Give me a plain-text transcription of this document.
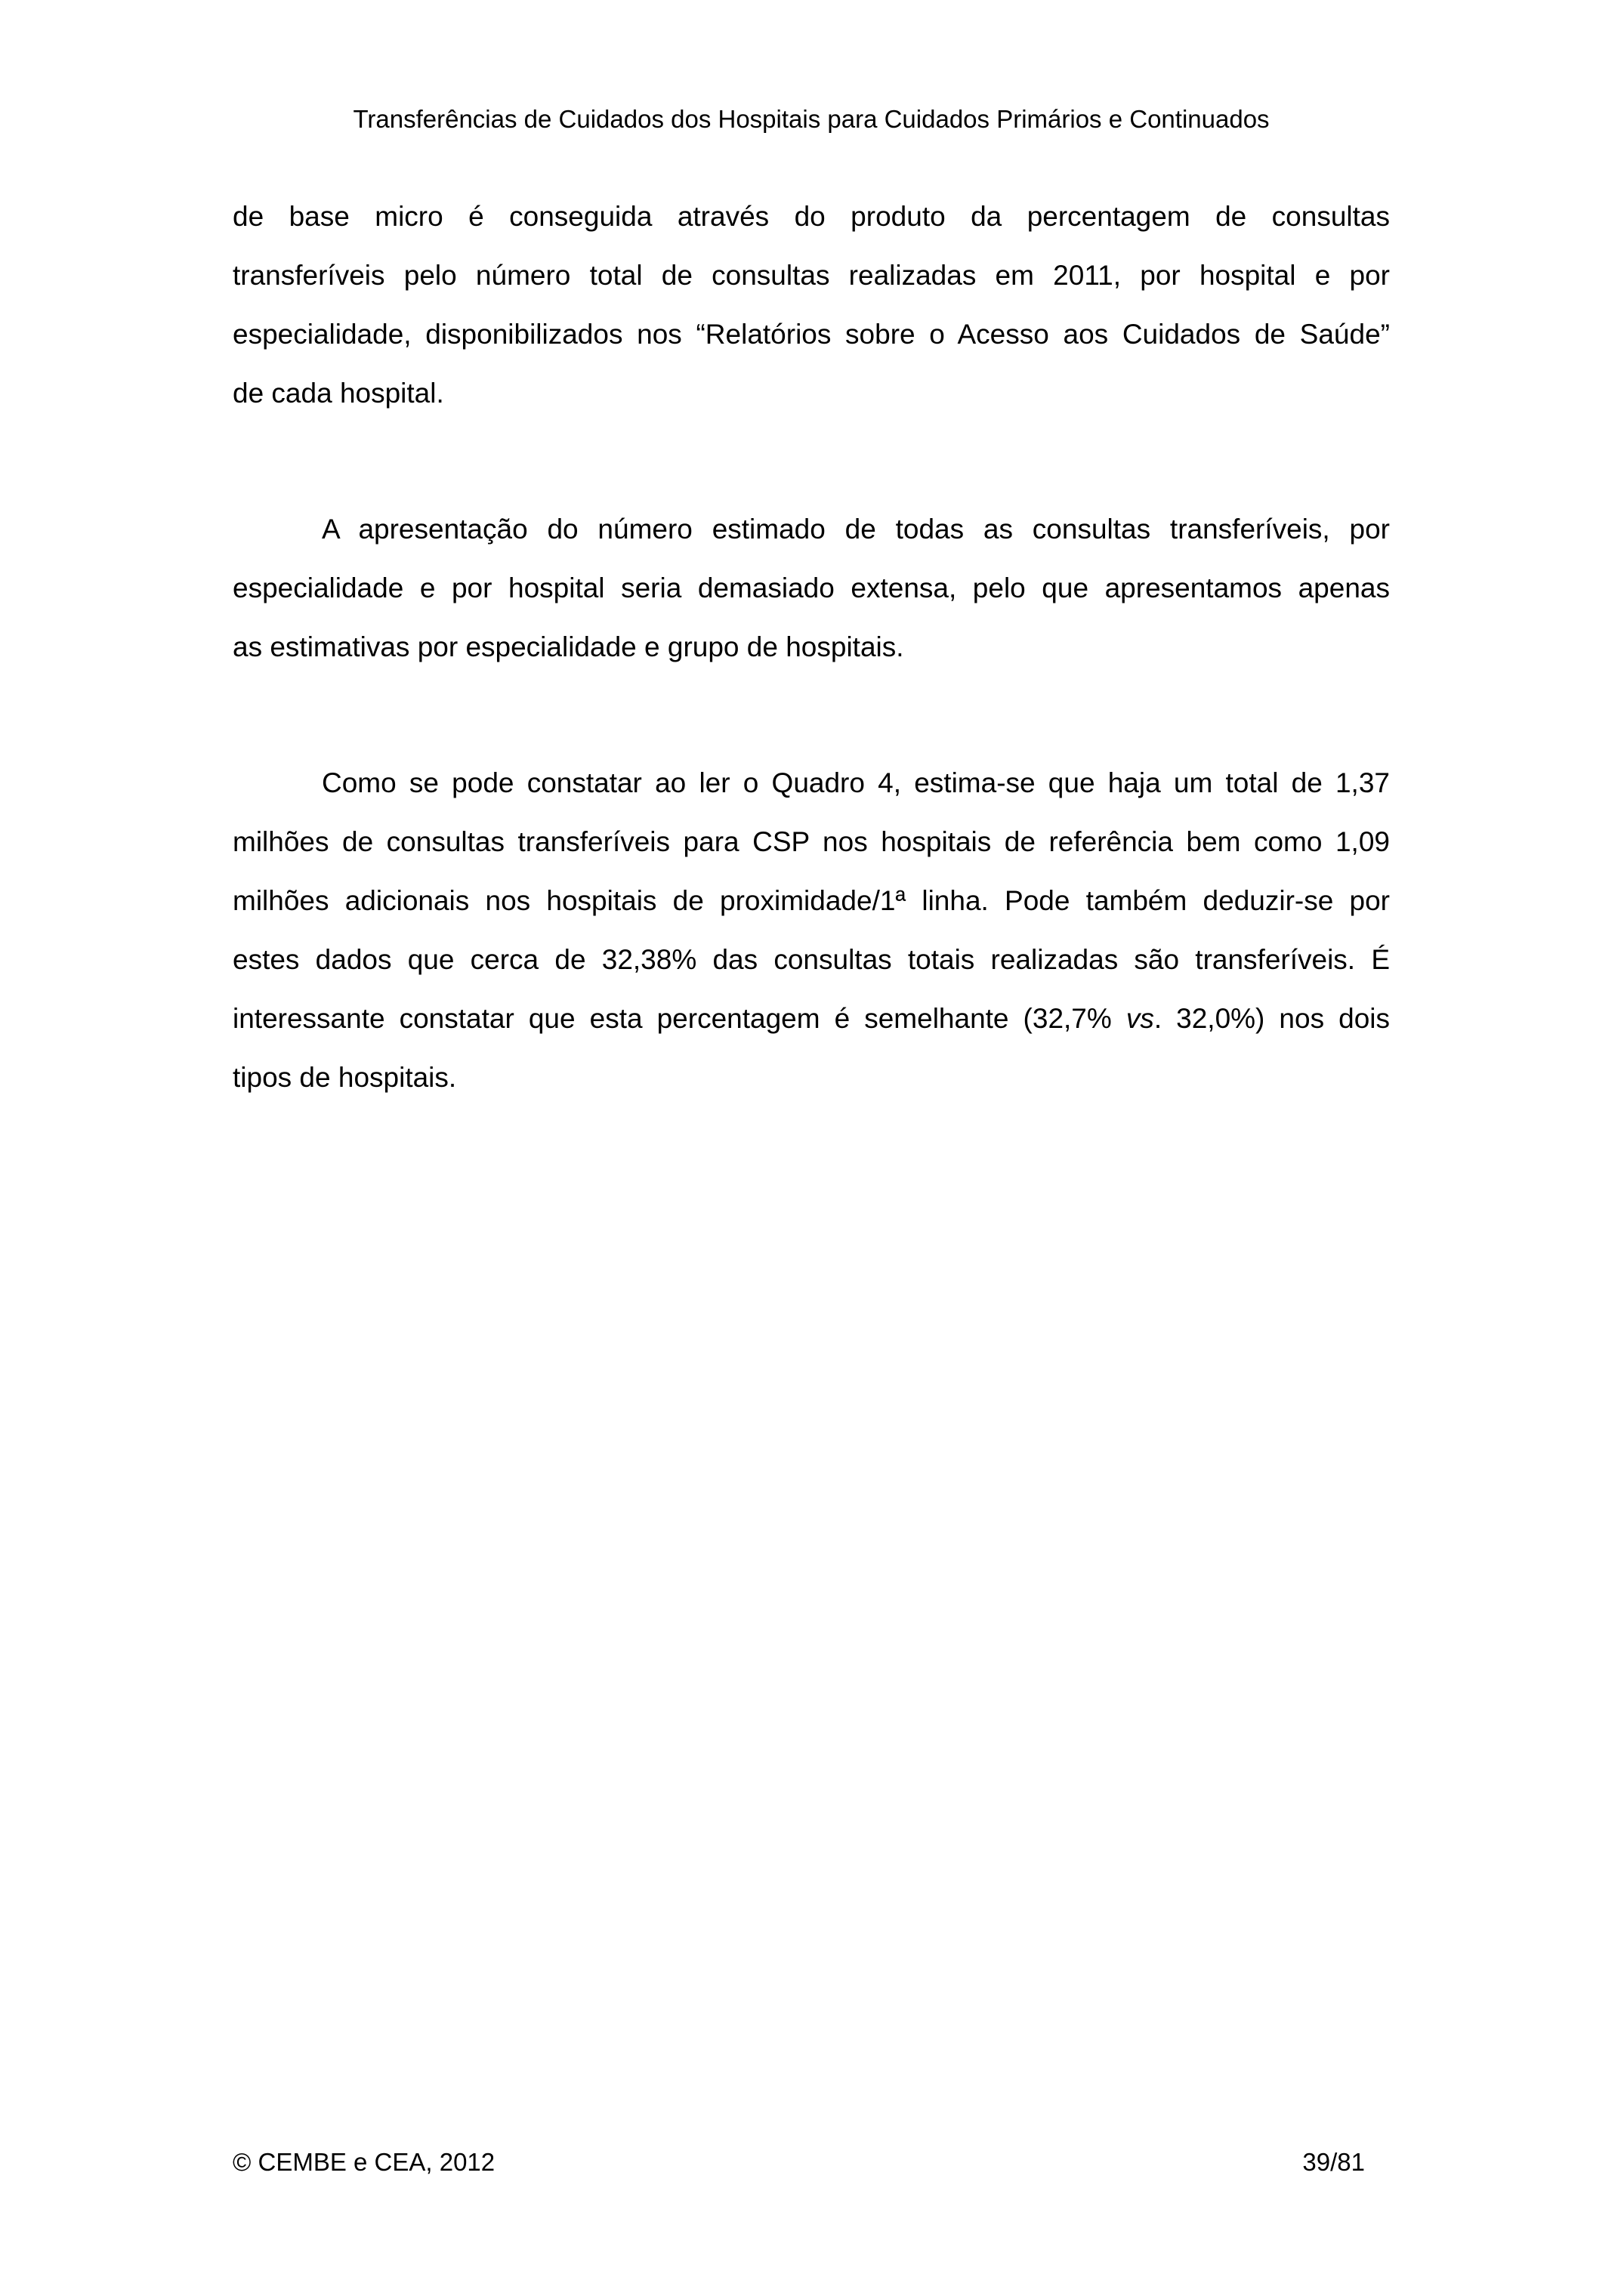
Transferências de Cuidados dos Hospitais para Cuidados Primários e Continuados
de base micro é conseguida através do produto da percentagem de consultas
transferíveis pelo número total de consultas realizadas em 2011, por hospital e por
especialidade, disponibilizados nos “Relatórios sobre o Acesso aos Cuidados de Saúde”
de cada hospital.
A apresentação do número estimado de todas as consultas transferíveis, por
especialidade e por hospital seria demasiado extensa, pelo que apresentamos apenas
as estimativas por especialidade e grupo de hospitais.
Como se pode constatar ao ler o Quadro 4, estima-se que haja um total de 1,37
milhões de consultas transferíveis para CSP nos hospitais de referência bem como 1,09
milhões adicionais nos hospitais de proximidade/1ª linha. Pode também deduzir-se por
estes dados que cerca de 32,38% das consultas totais realizadas são transferíveis. É
interessante constatar que esta percentagem é semelhante (32,7% vs. 32,0%) nos dois
tipos de hospitais.
© CEMBE e CEA, 2012	39/81
